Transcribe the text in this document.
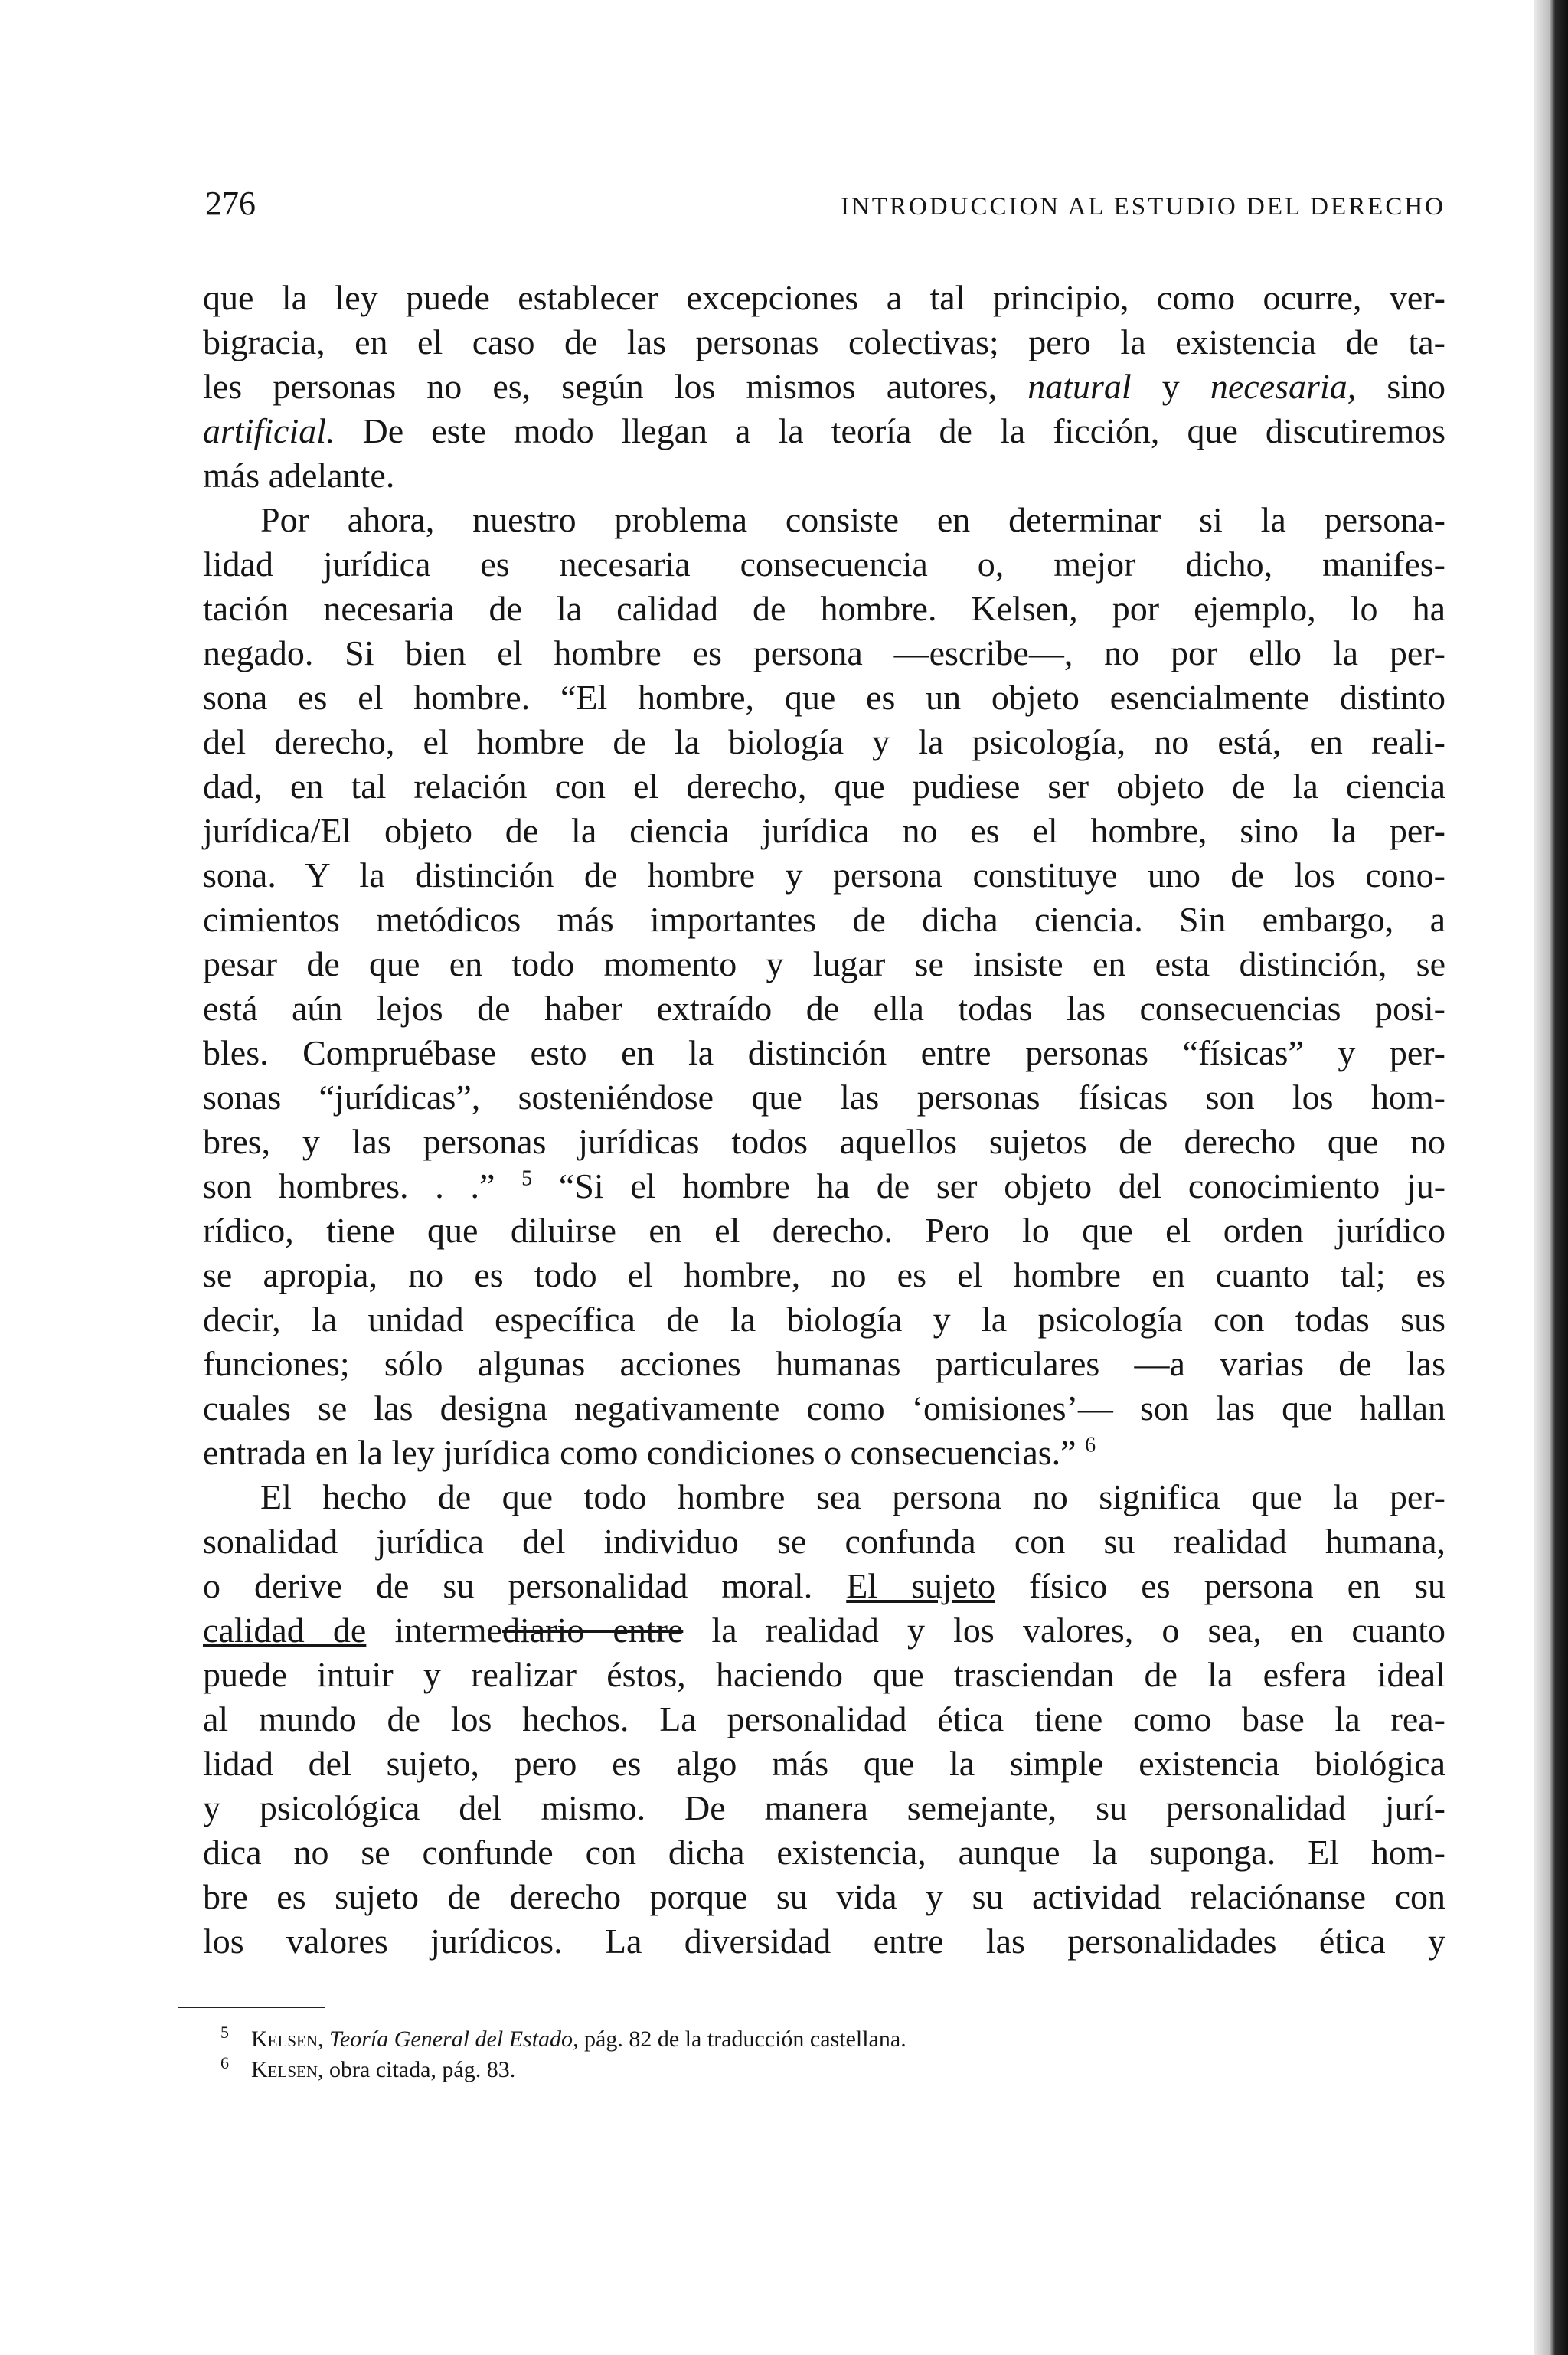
276	INTRODUCCION AL ESTUDIO DEL DERECHO
que la ley puede establecer excepciones a tal principio, como ocurre, ver-
bigracia, en el caso de las personas colectivas; pero la existencia de ta-
les personas no es, según los mismos autores, natural y necesaria, sino
artificial. De este modo llegan a la teoría de la ficción, que discutiremos
más adelante.
Por ahora, nuestro problema consiste en determinar si la persona-
lidad jurídica es necesaria consecuencia o, mejor dicho, manifes-
tación necesaria de la calidad de hombre. Kelsen, por ejemplo, lo ha
negado. Si bien el hombre es persona —escribe—, no por ello la per-
sona es el hombre. “El hombre, que es un objeto esencialmente distinto
del derecho, el hombre de la biología y la psicología, no está, en reali-
dad, en tal relación con el derecho, que pudiese ser objeto de la ciencia
jurídica/El objeto de la ciencia jurídica no es el hombre, sino la per-
sona. Y la distinción de hombre y persona constituye uno de los cono-
cimientos metódicos más importantes de dicha ciencia. Sin embargo, a
pesar de que en todo momento y lugar se insiste en esta distinción, se
está aún lejos de haber extraído de ella todas las consecuencias posi-
bles. Compruébase esto en la distinción entre personas “físicas” y per-
sonas “jurídicas”, sosteniéndose que las personas físicas son los hom-
bres, y las personas jurídicas todos aquellos sujetos de derecho que no
son hombres. . .” $^5$ “Si el hombre ha de ser objeto del conocimiento ju-
rídico, tiene que diluirse en el derecho. Pero lo que el orden jurídico
se apropia, no es todo el hombre, no es el hombre en cuanto tal; es
decir, la unidad específica de la biología y la psicología con todas sus
funciones; sólo algunas acciones humanas particulares —a varias de las
cuales se las designa negativamente como ‘omisiones’— son las que hallan
entrada en la ley jurídica como condiciones o consecuencias.” $^6$
El hecho de que todo hombre sea persona no significa que la per-
sonalidad jurídica del individuo se confunda con su realidad humana,
o derive de su personalidad moral. El sujeto físico es persona en su
calidad de intermediario entre la realidad y los valores, o sea, en cuanto
puede intuir y realizar éstos, haciendo que trasciendan de la esfera ideal
al mundo de los hechos. La personalidad ética tiene como base la rea-
lidad del sujeto, pero es algo más que la simple existencia biológica
y psicológica del mismo. De manera semejante, su personalidad jurí-
dica no se confunde con dicha existencia, aunque la suponga. El hom-
bre es sujeto de derecho porque su vida y su actividad relaciónanse con
los valores jurídicos. La diversidad entre las personalidades ética y
5 Kelsen, Teoría General del Estado, pág. 82 de la traducción castellana.
6 Kelsen, obra citada, pág. 83.
